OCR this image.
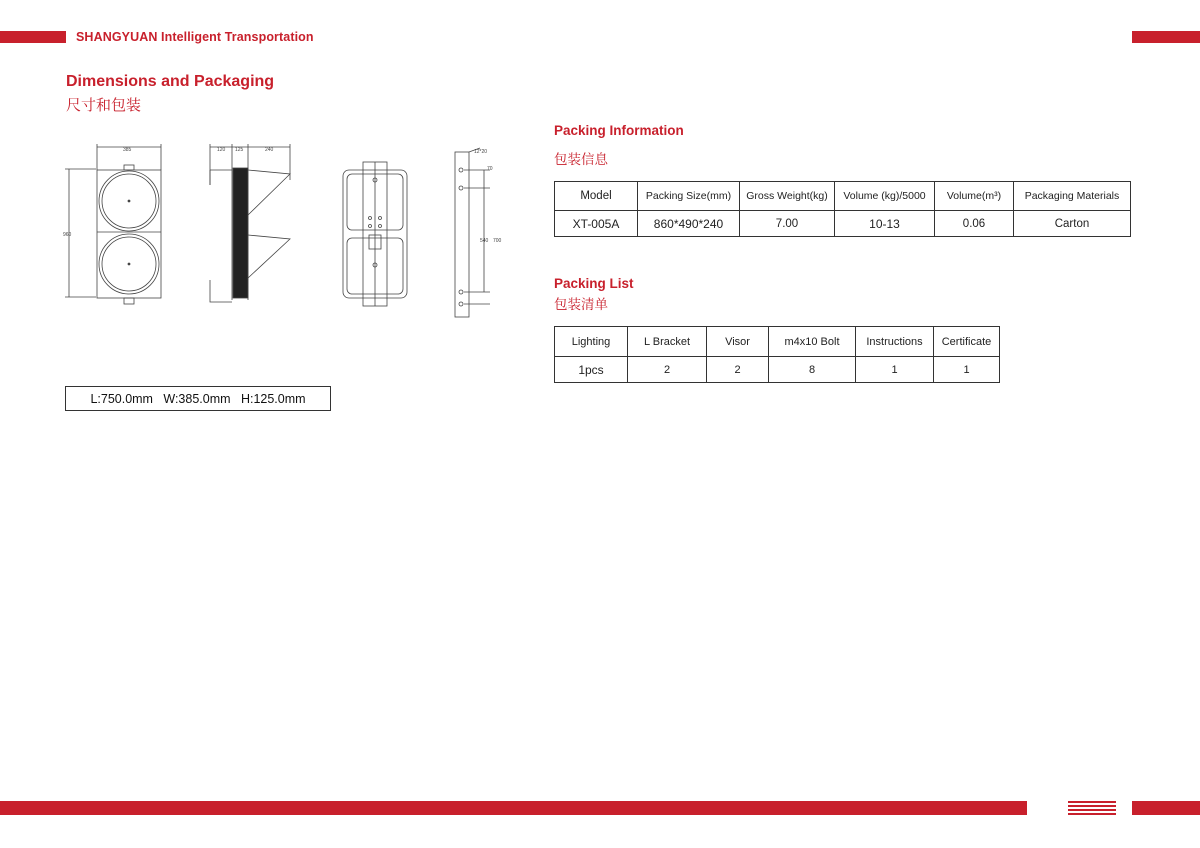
SHANGYUAN Intelligent Transportation
Dimensions and Packaging
尺寸和包装
385
960
120 125	240	12*20
70
540 700
L:750.0mm   W:385.0mm   H:125.0mm
Packing Information
包装信息
Model	Packing Size(mm)	Gross Weight(kg)	Volume (kg)/5000	Volume(m³)	Packaging Materials
XT-005A	860*490*240	7.00	10-13	0.06	Carton
Packing List
包装清单
Lighting	L Bracket	Visor	m4x10 Bolt	Instructions	Certificate
1pcs	2	2	8	1	1
